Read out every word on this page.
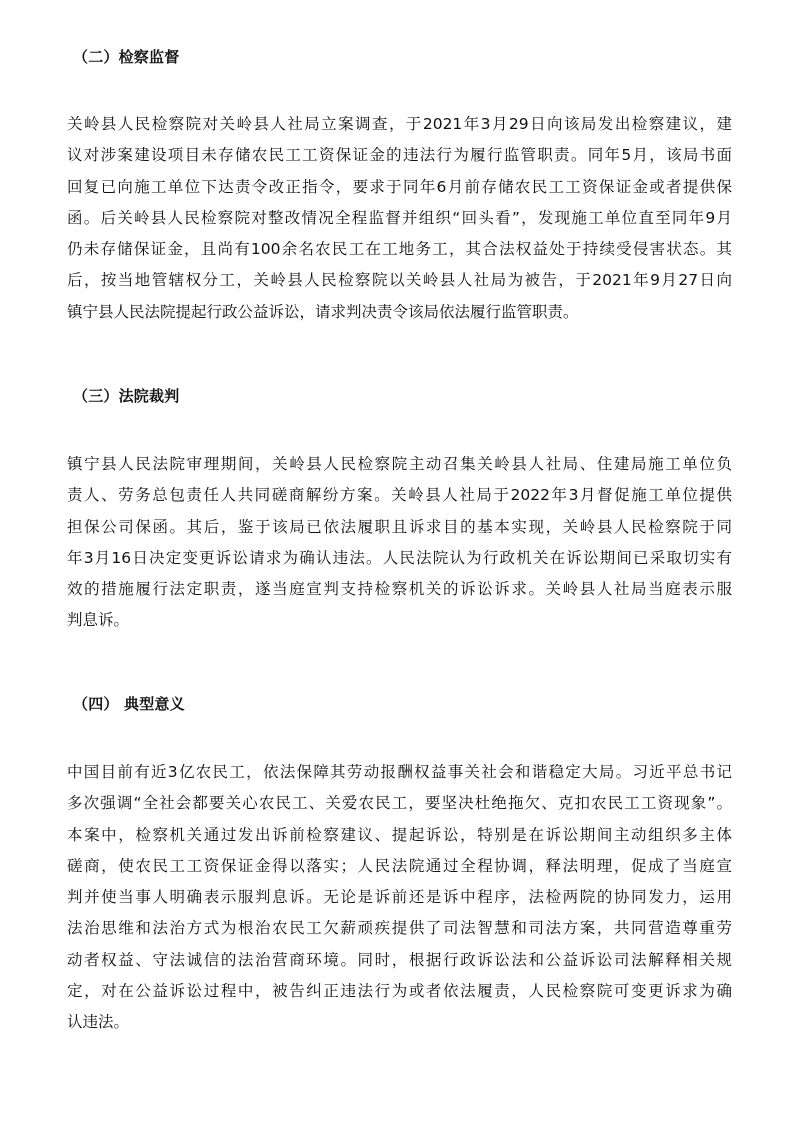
（二）检察监督
关岭县人民检察院对关岭县人社局立案调查，于2021年3月29日向该局发出检察建议，建
议对涉案建设项目未存储农民工工资保证金的违法行为履行监管职责。同年5月，该局书面
回复已向施工单位下达责令改正指令，要求于同年6月前存储农民工工资保证金或者提供保
函。后关岭县人民检察院对整改情况全程监督并组织“回头看”，发现施工单位直至同年9月
仍未存储保证金，且尚有100余名农民工在工地务工，其合法权益处于持续受侵害状态。其
后，按当地管辖权分工，关岭县人民检察院以关岭县人社局为被告，于2021年9月27日向
镇宁县人民法院提起行政公益诉讼，请求判决责令该局依法履行监管职责。
（三）法院裁判
镇宁县人民法院审理期间，关岭县人民检察院主动召集关岭县人社局、住建局施工单位负
责人、劳务总包责任人共同磋商解纷方案。关岭县人社局于2022年3月督促施工单位提供
担保公司保函。其后，鉴于该局已依法履职且诉求目的基本实现，关岭县人民检察院于同
年3月16日决定变更诉讼请求为确认违法。人民法院认为行政机关在诉讼期间已采取切实有
效的措施履行法定职责，遂当庭宣判支持检察机关的诉讼诉求。关岭县人社局当庭表示服
判息诉。
（四） 典型意义
中国目前有近3亿农民工，依法保障其劳动报酬权益事关社会和谐稳定大局。习近平总书记
多次强调“全社会都要关心农民工、关爱农民工，要坚决杜绝拖欠、克扣农民工工资现象”。
本案中，检察机关通过发出诉前检察建议、提起诉讼，特别是在诉讼期间主动组织多主体
磋商，使农民工工资保证金得以落实；人民法院通过全程协调，释法明理，促成了当庭宣
判并使当事人明确表示服判息诉。无论是诉前还是诉中程序，法检两院的协同发力，运用
法治思维和法治方式为根治农民工欠薪顽疾提供了司法智慧和司法方案，共同营造尊重劳
动者权益、守法诚信的法治营商环境。同时，根据行政诉讼法和公益诉讼司法解释相关规
定，对在公益诉讼过程中，被告纠正违法行为或者依法履责，人民检察院可变更诉求为确
认违法。
